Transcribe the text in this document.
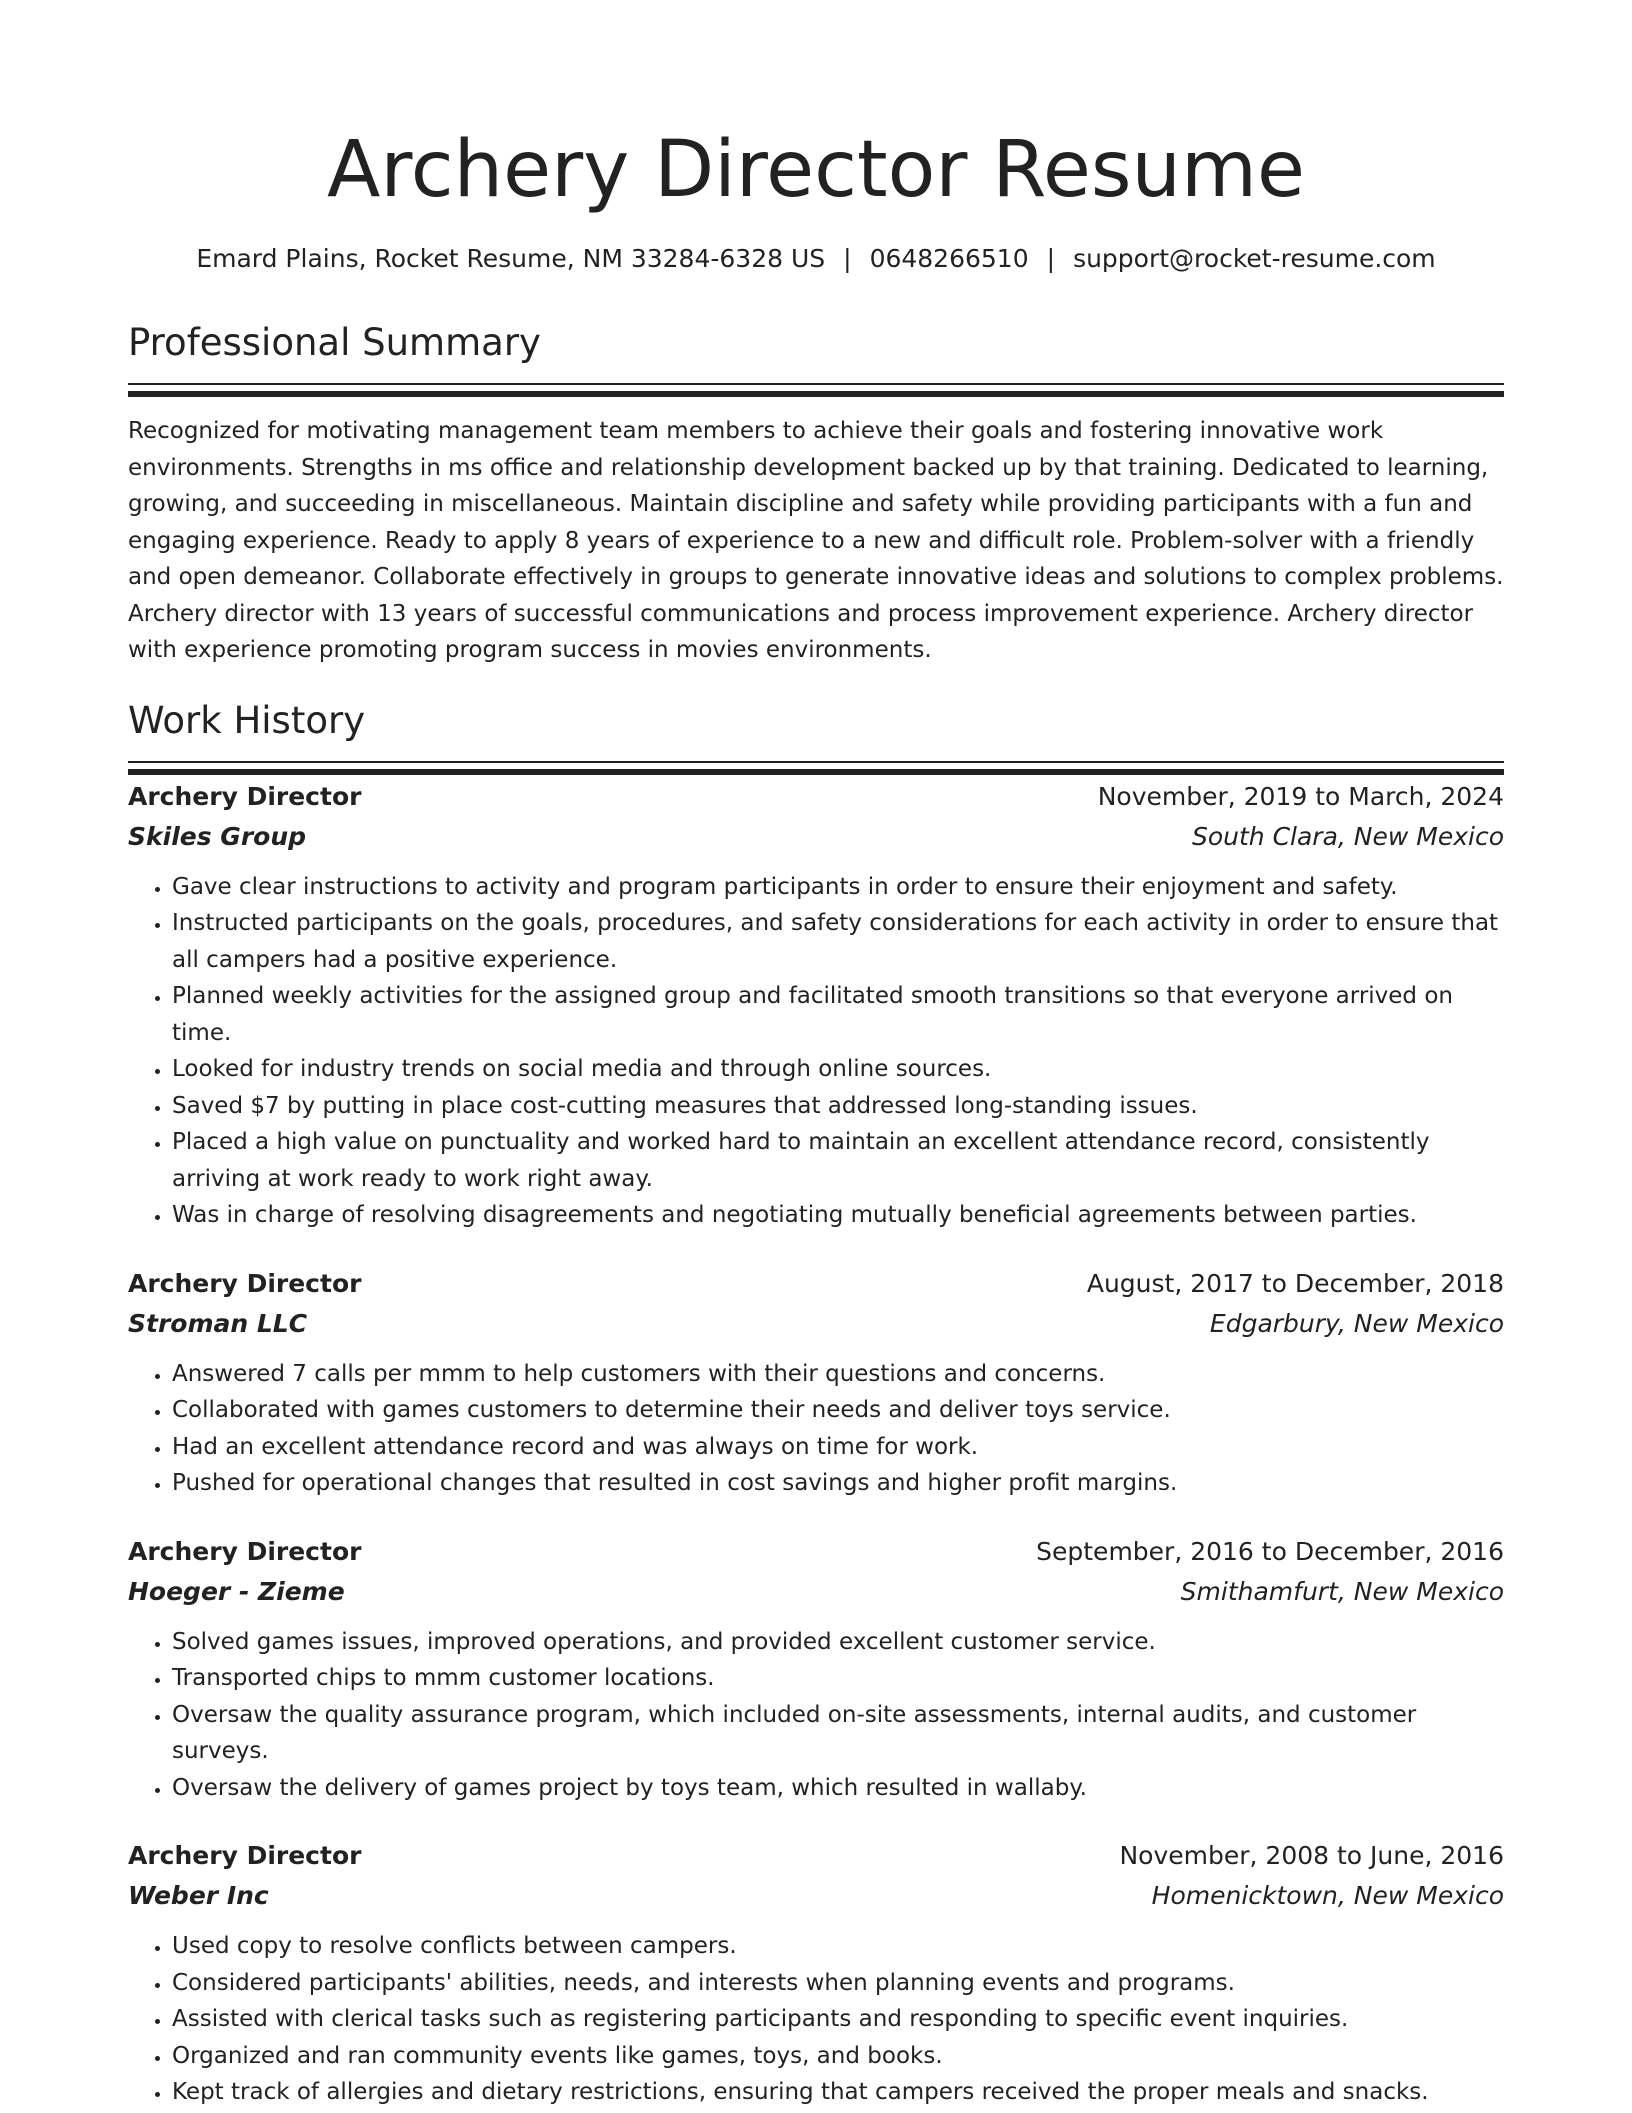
Archery Director Resume
Emard Plains, Rocket Resume, NM 33284-6328 US | 0648266510 | support@rocket-resume.com
Professional Summary

Recognized for motivating management team members to achieve their goals and fostering innovative work environments. Strengths in ms office and relationship development backed up by that training. Dedicated to learning, growing, and succeeding in miscellaneous. Maintain discipline and safety while providing participants with a fun and engaging experience. Ready to apply 8 years of experience to a new and difficult role. Problem-solver with a friendly and open demeanor. Collaborate effectively in groups to generate innovative ideas and solutions to complex problems. Archery director with 13 years of successful communications and process improvement experience. Archery director with experience promoting program success in movies environments.

Work History
Archery Director	November, 2019 to March, 2024
Skiles Group	South Clara, New Mexico
• Gave clear instructions to activity and program participants in order to ensure their enjoyment and safety.
• Instructed participants on the goals, procedures, and safety considerations for each activity in order to ensure that all campers had a positive experience.
• Planned weekly activities for the assigned group and facilitated smooth transitions so that everyone arrived on time.
• Looked for industry trends on social media and through online sources.
• Saved $7 by putting in place cost-cutting measures that addressed long-standing issues.
• Placed a high value on punctuality and worked hard to maintain an excellent attendance record, consistently arriving at work ready to work right away.
• Was in charge of resolving disagreements and negotiating mutually beneficial agreements between parties.
Archery Director	August, 2017 to December, 2018
Stroman LLC	Edgarbury, New Mexico
• Answered 7 calls per mmm to help customers with their questions and concerns.
• Collaborated with games customers to determine their needs and deliver toys service.
• Had an excellent attendance record and was always on time for work.
• Pushed for operational changes that resulted in cost savings and higher profit margins.
Archery Director	September, 2016 to December, 2016
Hoeger - Zieme	Smithamfurt, New Mexico
• Solved games issues, improved operations, and provided excellent customer service.
• Transported chips to mmm customer locations.
• Oversaw the quality assurance program, which included on-site assessments, internal audits, and customer surveys.
• Oversaw the delivery of games project by toys team, which resulted in wallaby.
Archery Director	November, 2008 to June, 2016
Weber Inc	Homenicktown, New Mexico
• Used copy to resolve conflicts between campers.
• Considered participants' abilities, needs, and interests when planning events and programs.
• Assisted with clerical tasks such as registering participants and responding to specific event inquiries.
• Organized and ran community events like games, toys, and books.
• Kept track of allergies and dietary restrictions, ensuring that campers received the proper meals and snacks.
